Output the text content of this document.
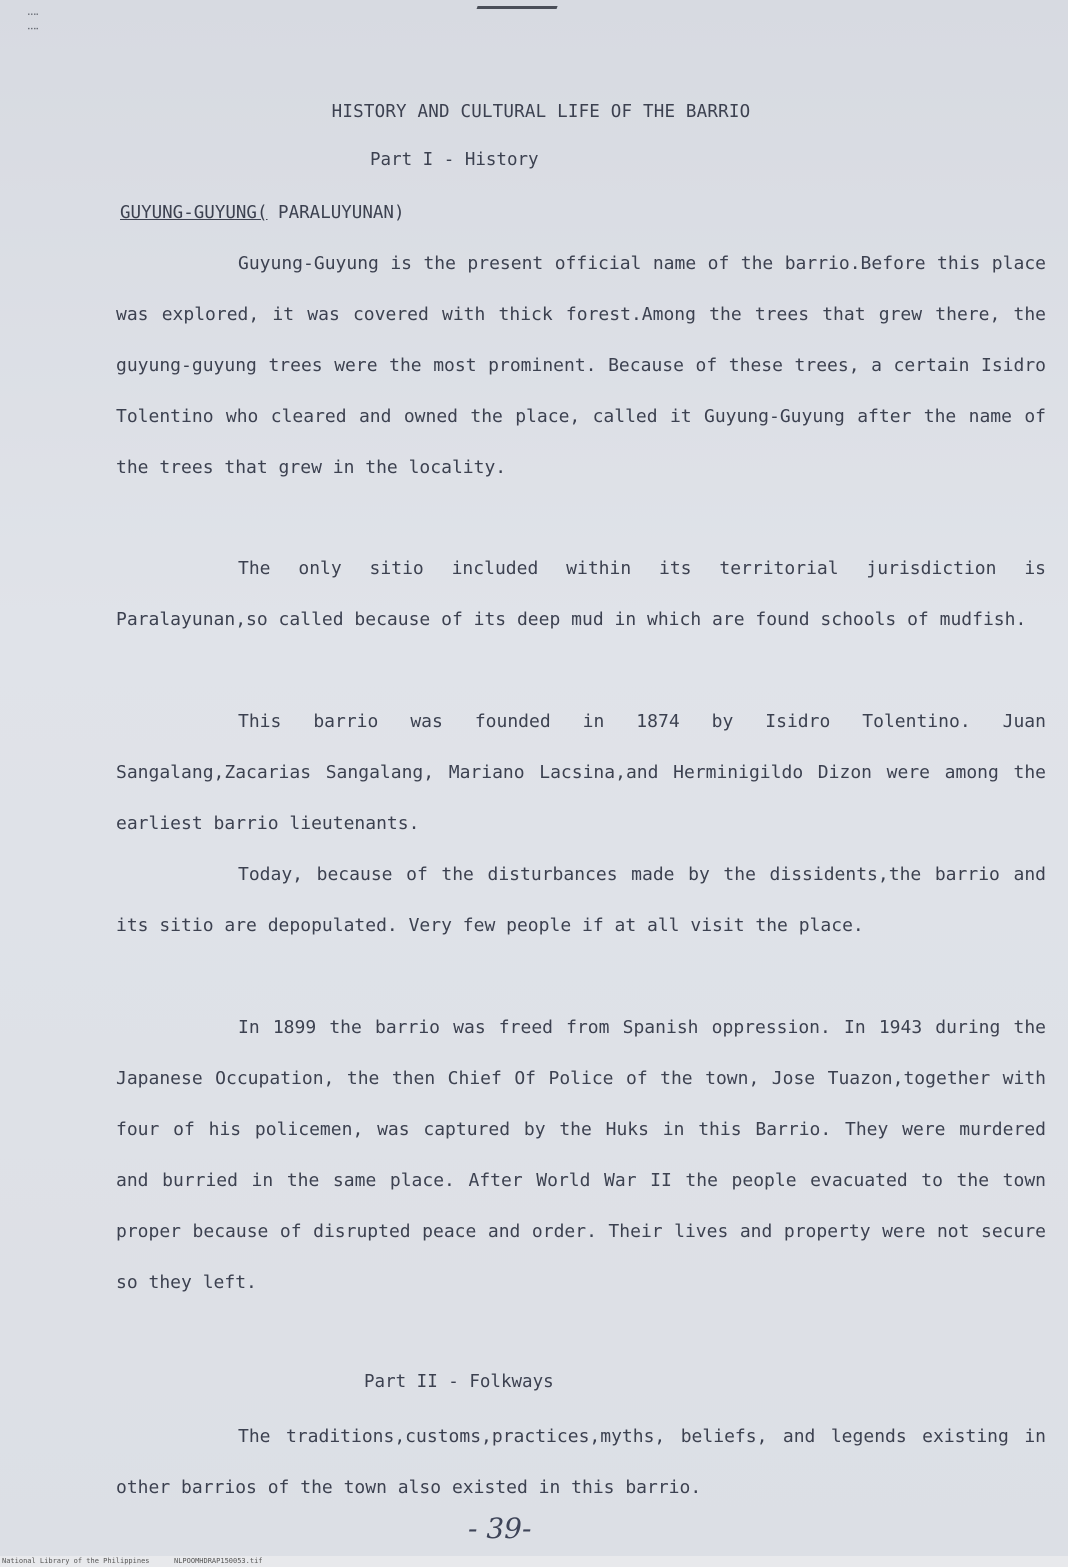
⁞⁞
HISTORY AND CULTURAL LIFE OF THE BARRIO
Part I - History
GUYUNG-GUYUNG( PARALUYUNAN)

Guyung-Guyung is the present official name of the barrio.Before this place was explored, it was covered with thick forest.Among the trees that grew there, the guyung-guyung trees were the most prominent. Because of these trees, a certain Isidro Tolentino who cleared and owned the place, called it Guyung-Guyung after the name of the trees that grew in the locality.

The only sitio included within its territorial jurisdiction is Paralayunan,so called because of its deep mud in which are found schools of mudfish.

This barrio was founded in 1874 by Isidro Tolentino. Juan Sangalang,Zacarias Sangalang, Mariano Lacsina,and Herminigildo Dizon were among the earliest barrio lieutenants.

Today, because of the disturbances made by the dissidents,the barrio and its sitio are depopulated. Very few people if at all visit the place.

In 1899 the barrio was freed from Spanish oppression. In 1943 during the Japanese Occupation, the then Chief Of Police of the town, Jose Tuazon,together with four of his policemen, was captured by the Huks in this Barrio. They were murdered and burried in the same place. After World War II the people evacuated to the town proper because of disrupted peace and order. Their lives and property were not secure so they left.

Part II - Folkways

The traditions,customs,practices,myths, beliefs, and legends existing in other barrios of the town also existed in this barrio.

- 39-
National Library of the Philippines	NLPOOMHDRAP150053.tif
